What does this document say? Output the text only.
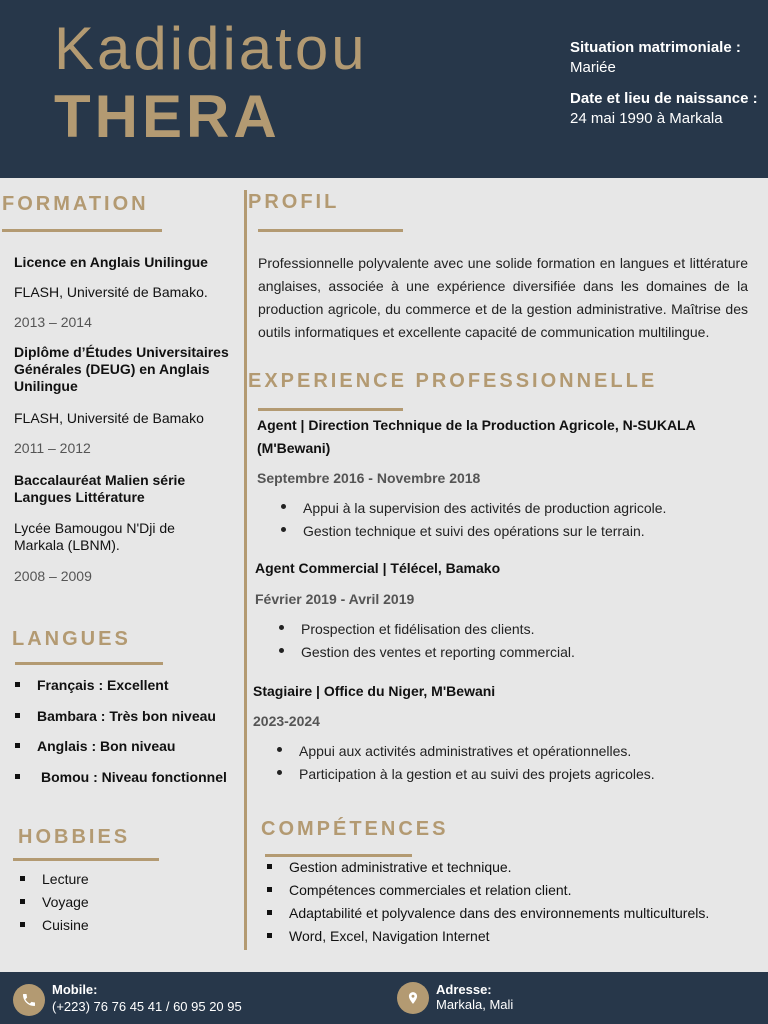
Kadidiatou
THERA
Situation matrimoniale :
Mariée
Date et lieu de naissance :
24 mai 1990 à Markala
FORMATION
Licence en Anglais Unilingue
FLASH, Université de Bamako.
2013 – 2014
Diplôme d’Études Universitaires Générales (DEUG) en Anglais Unilingue
FLASH, Université de Bamako
2011 – 2012
Baccalauréat Malien série Langues Littérature
Lycée Bamougou N'Dji de Markala (LBNM).
2008 – 2009
LANGUES
Français : Excellent
Bambara : Très bon niveau
Anglais : Bon niveau
Bomou : Niveau fonctionnel
HOBBIES
Lecture
Voyage
Cuisine
PROFIL
Professionnelle polyvalente avec une solide formation en langues et littérature anglaises, associée à une expérience diversifiée dans les domaines de la production agricole, du commerce et de la gestion administrative. Maîtrise des outils informatiques et excellente capacité de communication multilingue.
EXPERIENCE PROFESSIONNELLE
Agent | Direction Technique de la Production Agricole, N-SUKALA (M'Bewani)
Septembre 2016 - Novembre 2018
Appui à la supervision des activités de production agricole.
Gestion technique et suivi des opérations sur le terrain.
Agent Commercial | Télécel, Bamako
Février 2019 - Avril 2019
Prospection et fidélisation des clients.
Gestion des ventes et reporting commercial.
Stagiaire | Office du Niger, M'Bewani
2023-2024
Appui aux activités administratives et opérationnelles.
Participation à la gestion et au suivi des projets agricoles.
COMPÉTENCES
Gestion administrative et technique.
Compétences commerciales et relation client.
Adaptabilité et polyvalence dans des environnements multiculturels.
Word, Excel, Navigation Internet
Mobile:
(+223) 76 76 45 41 / 60 95 20 95
Adresse:
Markala, Mali
